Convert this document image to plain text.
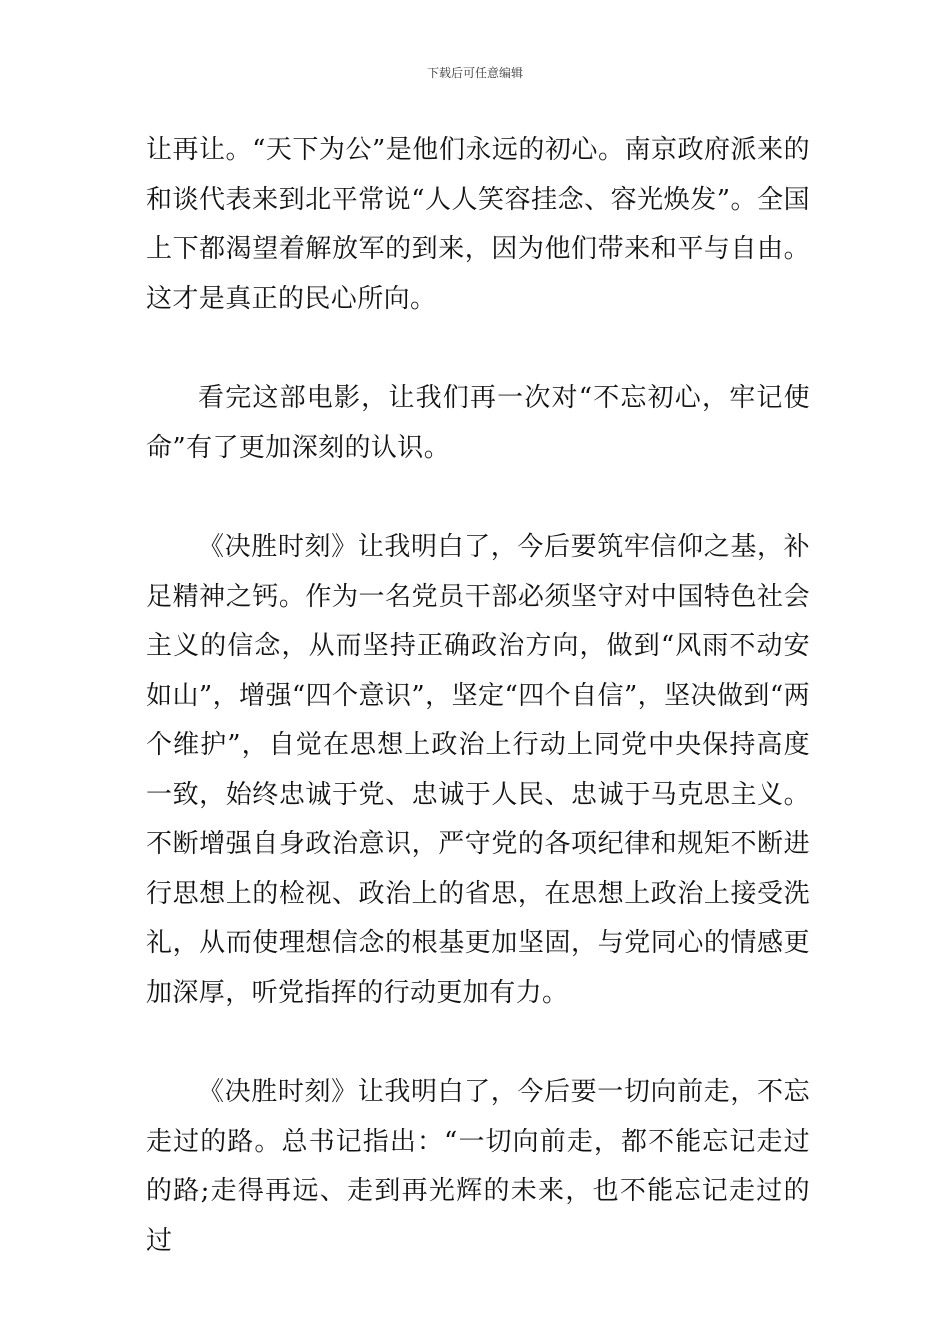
下载后可任意编辑

让再让。“天下为公”是他们永远的初心。南京政府派来的和谈代表来到北平常说“人人笑容挂念、容光焕发”。全国上下都渴望着解放军的到来，因为他们带来和平与自由。这才是真正的民心所向。

看完这部电影，让我们再一次对“不忘初心，牢记使命”有了更加深刻的认识。

《决胜时刻》让我明白了，今后要筑牢信仰之基，补足精神之钙。作为一名党员干部必须坚守对中国特色社会主义的信念，从而坚持正确政治方向，做到“风雨不动安如山”，增强“四个意识”，坚定“四个自信”，坚决做到“两个维护”，自觉在思想上政治上行动上同党中央保持高度一致，始终忠诚于党、忠诚于人民、忠诚于马克思主义。不断增强自身政治意识，严守党的各项纪律和规矩不断进行思想上的检视、政治上的省思，在思想上政治上接受洗礼，从而使理想信念的根基更加坚固，与党同心的情感更加深厚，听党指挥的行动更加有力。

《决胜时刻》让我明白了，今后要一切向前走，不忘走过的路。总书记指出：“一切向前走，都不能忘记走过的路;走得再远、走到再光辉的未来，也不能忘记走过的过
